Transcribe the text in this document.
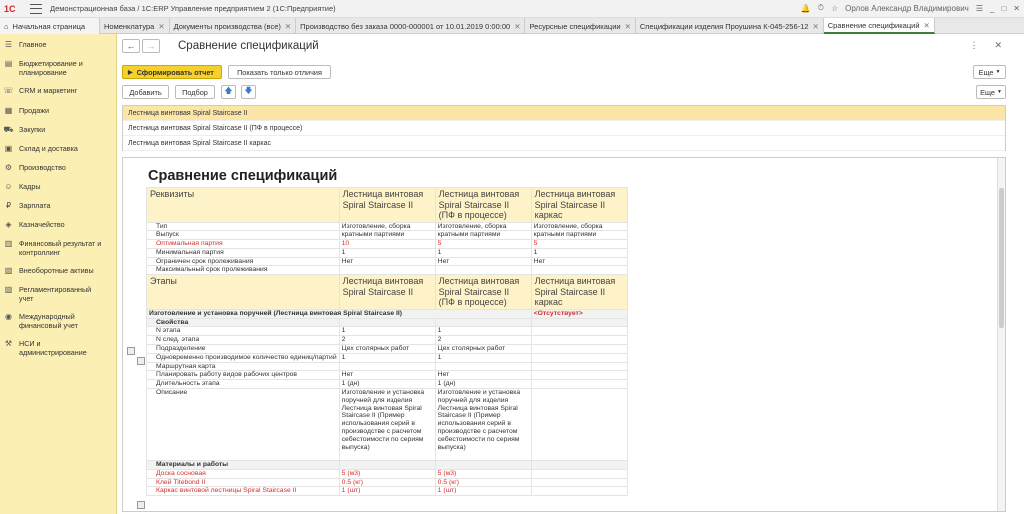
1С	Демонстрационная база / 1С:ERP Управление предприятием 2 (1С:Предприятие)	🔔 ⏱ ☆ Орлов Александр Владимирович ☰ _ □ ✕
⌂ Начальная страница	Номенклатура ✕ Документы производства (все) ✕ Производство без заказа 0000-000001 от 10.01.2019 0:00:00 ✕ Ресурсные спецификации ✕ Спецификации изделия Проушина К-045-256-12 ✕ Сравнение спецификаций ✕
☰ Главное
▤ Бюджетирование и планирование
☏ CRM и маркетинг
▦ Продажи
⛟ Закупки
▣ Склад и доставка
⚙ Производство
☺ Кадры
₽ Зарплата
◈ Казначейство
▥ Финансовый результат и контроллинг
▧ Внеоборотные активы
▨ Регламентированный учет
◉ Международный финансовый учет
⚒ НСИ и администрирование
←	→	Сравнение спецификаций	⋮ ✕
▶ Сформировать отчет	Показать только отличия	Еще ▼
Добавить	Подбор 🡅 🡇	Еще ▼
Лестница винтовая Spiral Staircase II
Лестница винтовая Spiral Staircase II (ПФ в процессе)
Лестница винтовая Spiral Staircase II каркас
Сравнение спецификаций
Реквизиты	Лестница винтовая Spiral Staircase II	Лестница винтовая Spiral Staircase II (ПФ в процессе)	Лестница винтовая Spiral Staircase II каркас
Тип	Изготовление, сборка	Изготовление, сборка	Изготовление, сборка
Выпуск	кратными партиями	кратными партиями	кратными партиями
Оптимальная партия	10	5	5
Минимальная партия	1	1	1
Ограничен срок пролеживания	Нет	Нет	Нет
Максимальный срок пролеживания			
Этапы	Лестница винтовая Spiral Staircase II	Лестница винтовая Spiral Staircase II (ПФ в процессе)	Лестница винтовая Spiral Staircase II каркас
Изготовление и установка поручней (Лестница винтовая Spiral Staircase II)			<Отсутствует>
Свойства			
N этапа	1	1	
N след. этапа	2	2	
Подразделение	Цех столярных работ	Цех столярных работ	
Одновременно производимое количество единиц/партий	1	1	
Маршрутная карта			
Планировать работу видов рабочих центров	Нет	Нет	
Длительность этапа	1 (дн)	1 (дн)	
Описание	Изготовление и установка поручней для изделия Лестница винтовая Spiral Staircase II (Пример использования серий в производстве с расчетом себестоимости по сериям выпуска)	Изготовление и установка поручней для изделия Лестница винтовая Spiral Staircase II (Пример использования серий в производстве с расчетом себестоимости по сериям выпуска)	
Материалы и работы			
Доска сосновая	5 (м3)	5 (м3)	
Клей Titebond II	0.5 (кг)	0.5 (кг)	
Каркас винтовой лестницы Spiral Staircase II	1 (шт)	1 (шт)	
